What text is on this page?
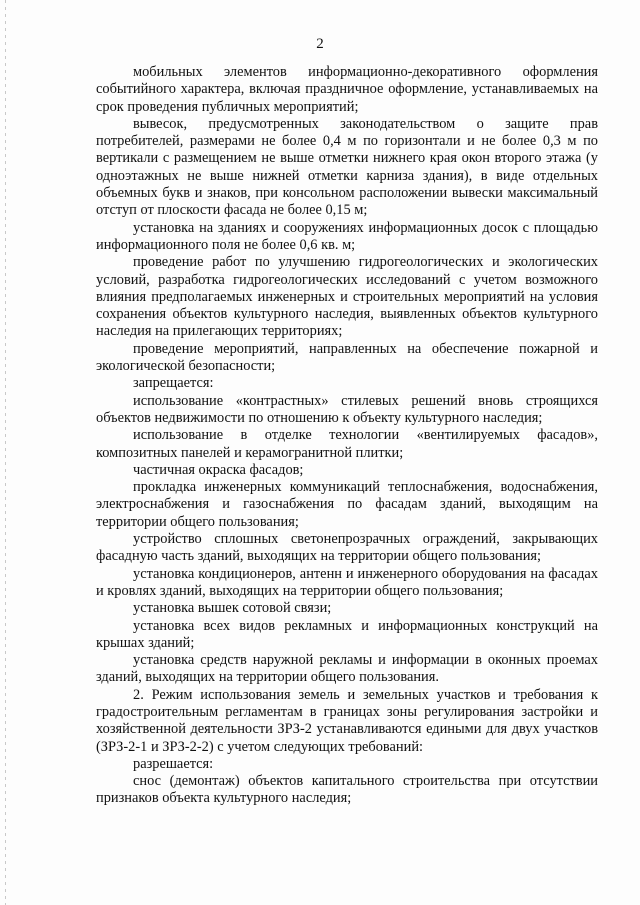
2

мобильных элементов информационно-декоративного оформления событийного характера, включая праздничное оформление, устанавливаемых на срок проведения публичных мероприятий;

вывесок, предусмотренных законодательством о защите прав потребителей, размерами не более 0,4 м по горизонтали и не более 0,3 м по вертикали с размещением не выше отметки нижнего края окон второго этажа (у одноэтажных не выше нижней отметки карниза здания), в виде отдельных объемных букв и знаков, при консольном расположении вывески максимальный отступ от плоскости фасада не более 0,15 м;

установка на зданиях и сооружениях информационных досок с площадью информационного поля не более 0,6 кв. м;

проведение работ по улучшению гидрогеологических и экологических условий, разработка гидрогеологических исследований с учетом возможного влияния предполагаемых инженерных и строительных мероприятий на условия сохранения объектов культурного наследия, выявленных объектов культурного наследия на прилегающих территориях;

проведение мероприятий, направленных на обеспечение пожарной и экологической безопасности;

запрещается:

использование «контрастных» стилевых решений вновь строящихся объектов недвижимости по отношению к объекту культурного наследия;

использование в отделке технологии «вентилируемых фасадов», композитных панелей и керамогранитной плитки;

частичная окраска фасадов;

прокладка инженерных коммуникаций теплоснабжения, водоснабжения, электроснабжения и газоснабжения по фасадам зданий, выходящим на территории общего пользования;

устройство сплошных светонепрозрачных ограждений, закрывающих фасадную часть зданий, выходящих на территории общего пользования;

установка кондиционеров, антенн и инженерного оборудования на фасадах и кровлях зданий, выходящих на территории общего пользования;

установка вышек сотовой связи;

установка всех видов рекламных и информационных конструкций на крышах зданий;

установка средств наружной рекламы и информации в оконных проемах зданий, выходящих на территории общего пользования.

2. Режим использования земель и земельных участков и требования к градостроительным регламентам в границах зоны регулирования застройки и хозяйственной деятельности ЗРЗ-2 устанавливаются едиными для двух участков (ЗРЗ-2-1 и ЗРЗ-2-2) с учетом следующих требований:

разрешается:

снос (демонтаж) объектов капитального строительства при отсутствии признаков объекта культурного наследия;
